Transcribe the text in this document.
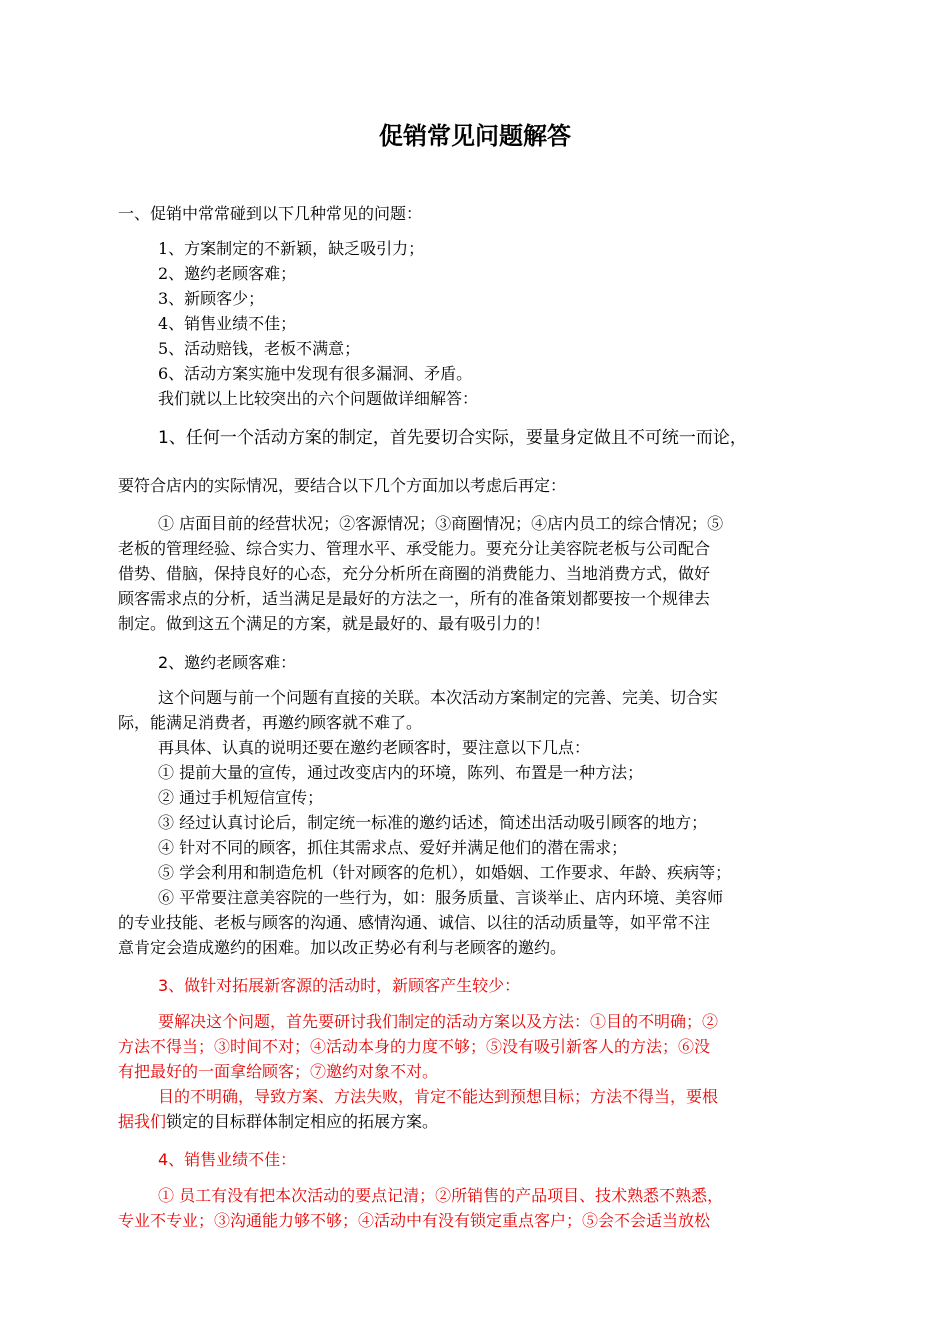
促销常见问题解答
一、促销中常常碰到以下几种常见的问题：
1、方案制定的不新颖，缺乏吸引力；
2、邀约老顾客难；
3、新顾客少；
4、销售业绩不佳；
5、活动赔钱，老板不满意；
6、活动方案实施中发现有很多漏洞、矛盾。
我们就以上比较突出的六个问题做详细解答：
1、任何一个活动方案的制定，首先要切合实际，要量身定做且不可统一而论，
要符合店内的实际情况，要结合以下几个方面加以考虑后再定：
① 店面目前的经营状况；②客源情况；③商圈情况；④店内员工的综合情况；⑤
老板的管理经验、综合实力、管理水平、承受能力。要充分让美容院老板与公司配合
借势、借脑，保持良好的心态，充分分析所在商圈的消费能力、当地消费方式，做好
顾客需求点的分析，适当满足是最好的方法之一，所有的准备策划都要按一个规律去
制定。做到这五个满足的方案，就是最好的、最有吸引力的！
2、邀约老顾客难：
这个问题与前一个问题有直接的关联。本次活动方案制定的完善、完美、切合实
际，能满足消费者，再邀约顾客就不难了。
再具体、认真的说明还要在邀约老顾客时，要注意以下几点：
① 提前大量的宣传，通过改变店内的环境，陈列、布置是一种方法；
② 通过手机短信宣传；
③ 经过认真讨论后，制定统一标准的邀约话述，简述出活动吸引顾客的地方；
④ 针对不同的顾客，抓住其需求点、爱好并满足他们的潜在需求；
⑤ 学会利用和制造危机（针对顾客的危机），如婚姻、工作要求、年龄、疾病等；
⑥ 平常要注意美容院的一些行为，如：服务质量、言谈举止、店内环境、美容师
的专业技能、老板与顾客的沟通、感情沟通、诚信、以往的活动质量等，如平常不注
意肯定会造成邀约的困难。加以改正势必有利与老顾客的邀约。
3、做针对拓展新客源的活动时，新顾客产生较少：
要解决这个问题，首先要研讨我们制定的活动方案以及方法：①目的不明确；②
方法不得当；③时间不对；④活动本身的力度不够；⑤没有吸引新客人的方法；⑥没
有把最好的一面拿给顾客；⑦邀约对象不对。
目的不明确，导致方案、方法失败，肯定不能达到预想目标；方法不得当，要根
据我们锁定的目标群体制定相应的拓展方案。
4、销售业绩不佳：
① 员工有没有把本次活动的要点记清；②所销售的产品项目、技术熟悉不熟悉，
专业不专业；③沟通能力够不够；④活动中有没有锁定重点客户；⑤会不会适当放松
